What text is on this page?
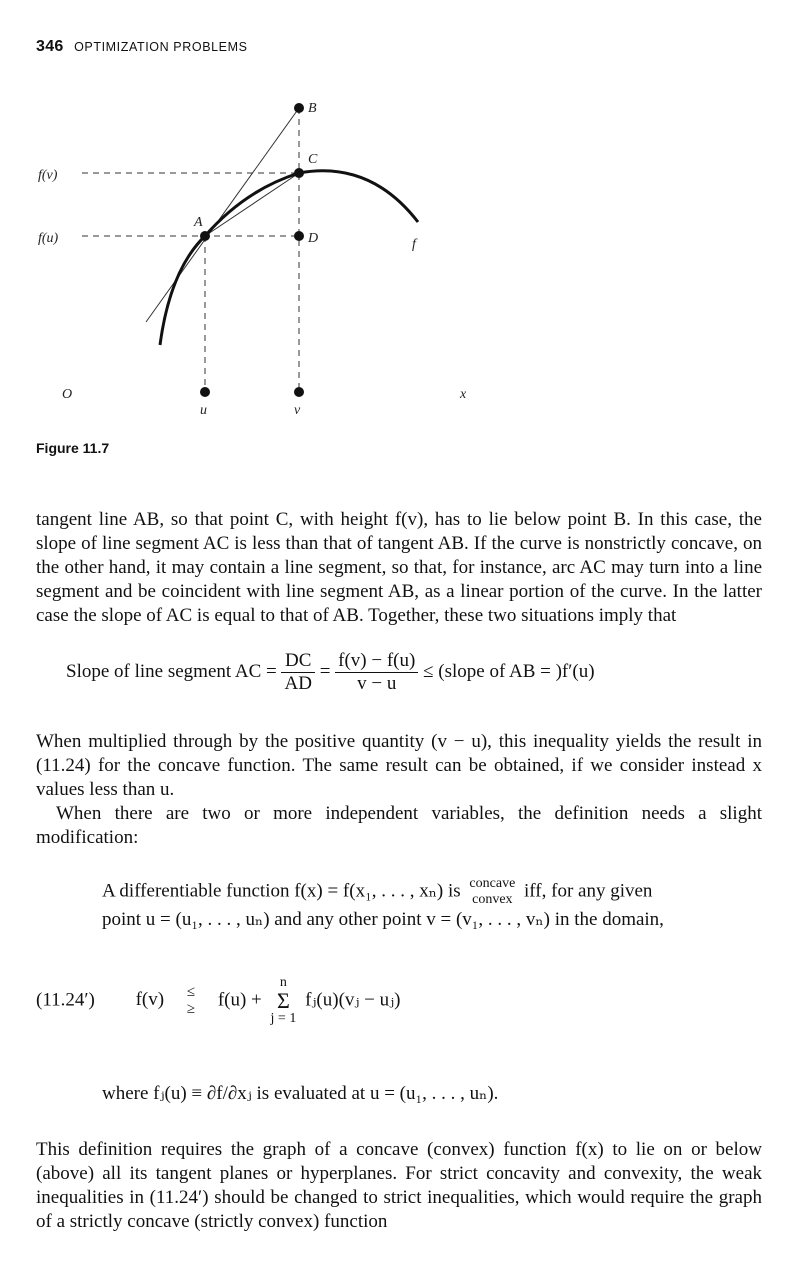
346 OPTIMIZATION PROBLEMS
f(v)
f(u)
B
C
A
D	f
O	x
u	v
Figure 11.7
tangent line AB, so that point C, with height f(v), has to lie below point B. In this case, the slope of line segment AC is less than that of tangent AB. If the curve is nonstrictly concave, on the other hand, it may contain a line segment, so that, for instance, arc AC may turn into a line segment and be coincident with line segment AB, as a linear portion of the curve. In the latter case the slope of AC is equal to that of AB. Together, these two situations imply that
Slope of line segment AC = $\frac{DC}{AD} = \frac{f(v) - f(u)}{v - u}$ ≤ (slope of AB = )f′(u)
When multiplied through by the positive quantity (v − u), this inequality yields the result in (11.24) for the concave function. The same result can be obtained, if we consider instead x values less than u.
When there are two or more independent variables, the definition needs a slight modification:
A differentiable function f(x) = f(x₁, . . . , xₙ) is concave
convex iff, for any given
point u = (u₁, . . . , uₙ) and any other point v = (v₁, . . . , vₙ) in the domain,
(11.24′) f(v) ≤
≥ f(u) +
n
Σ
j = 1
fⱼ(u)(vⱼ − uⱼ)
where fⱼ(u) ≡ ∂f/∂xⱼ is evaluated at u = (u₁, . . . , uₙ).
This definition requires the graph of a concave (convex) function f(x) to lie on or below (above) all its tangent planes or hyperplanes. For strict concavity and convexity, the weak inequalities in (11.24′) should be changed to strict inequalities, which would require the graph of a strictly concave (strictly convex) function
